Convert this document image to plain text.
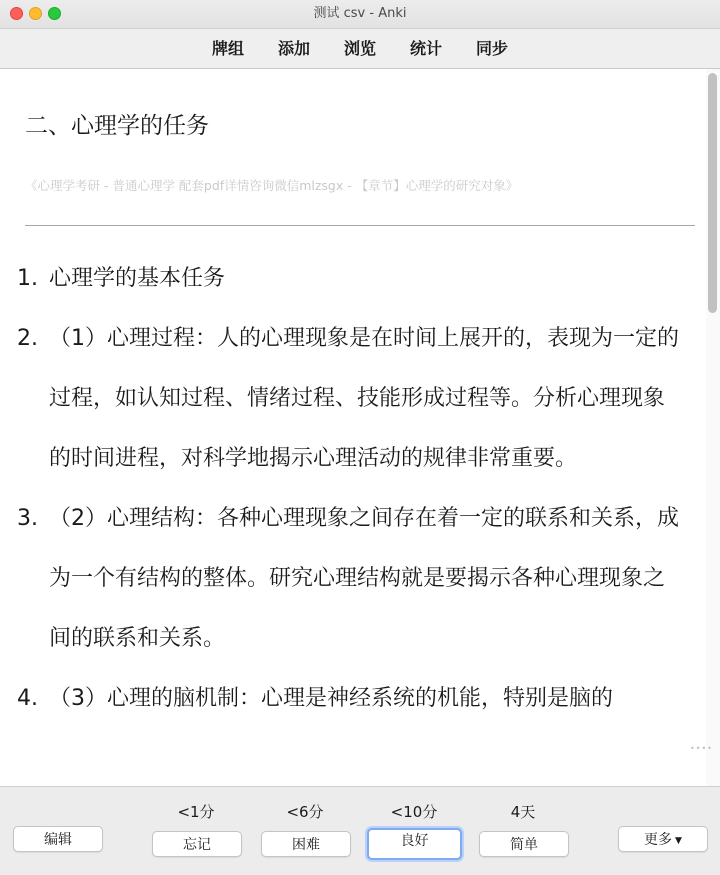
测试 csv - Anki
牌组	添加	浏览	统计	同步
二、心理学的任务
《心理学考研 - 普通心理学 配套pdf详情咨询微信mlzsgx - 【章节】心理学的研究对象》
1. 心理学的基本任务
2. （1）心理过程：人的心理现象是在时间上展开的，表现为一定的过程，如认知过程、情绪过程、技能形成过程等。分析心理现象的时间进程，对科学地揭示心理活动的规律非常重要。
3. （2）心理结构：各种心理现象之间存在着一定的联系和关系，成为一个有结构的整体。研究心理结构就是要揭示各种心理现象之间的联系和关系。
4. （3）心理的脑机制：心理是神经系统的机能，特别是脑的
••••
编辑
<1分	<6分	<10分	4天
忘记	困难	良好	简单	更多 ▼
